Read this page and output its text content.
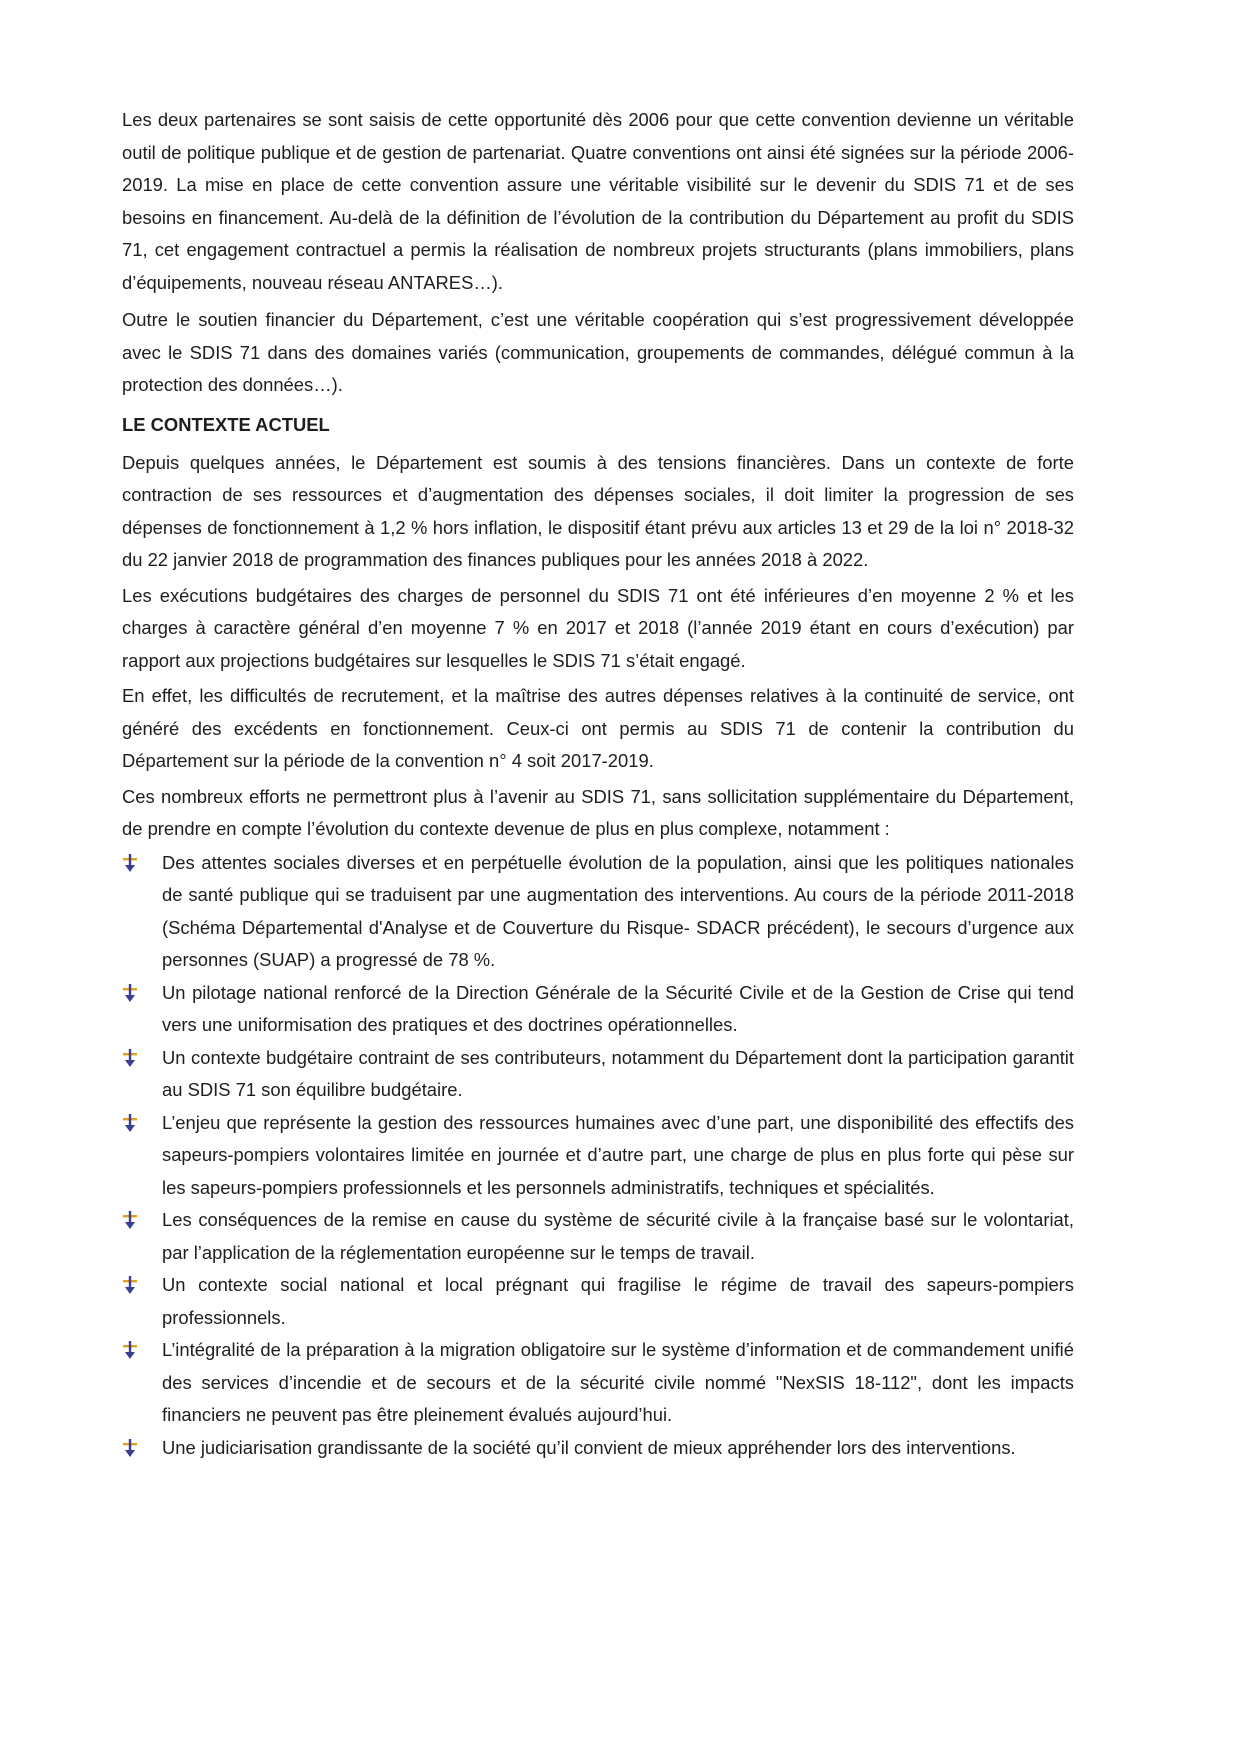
Les deux partenaires se sont saisis de cette opportunité dès 2006 pour que cette convention devienne un véritable outil de politique publique et de gestion de partenariat. Quatre conventions ont ainsi été signées sur la période 2006-2019. La mise en place de cette convention assure une véritable visibilité sur le devenir du SDIS 71 et de ses besoins en financement. Au-delà de la définition de l’évolution de la contribution du Département au profit du SDIS 71, cet engagement contractuel a permis la réalisation de nombreux projets structurants (plans immobiliers, plans d’équipements, nouveau réseau ANTARES…).

Outre le soutien financier du Département, c’est une véritable coopération qui s’est progressivement développée avec le SDIS 71 dans des domaines variés (communication, groupements de commandes, délégué commun à la protection des données…).

LE CONTEXTE ACTUEL

Depuis quelques années, le Département est soumis à des tensions financières. Dans un contexte de forte contraction de ses ressources et d’augmentation des dépenses sociales, il doit limiter la progression de ses dépenses de fonctionnement à 1,2 % hors inflation, le dispositif étant prévu aux articles 13 et 29 de la loi n° 2018-32 du 22 janvier 2018 de programmation des finances publiques pour les années 2018 à 2022.

Les exécutions budgétaires des charges de personnel du SDIS 71 ont été inférieures d’en moyenne 2 % et les charges à caractère général d’en moyenne 7 % en 2017 et 2018 (l’année 2019 étant en cours d’exécution) par rapport aux projections budgétaires sur lesquelles le SDIS 71 s’était engagé.

En effet, les difficultés de recrutement, et la maîtrise des autres dépenses relatives à la continuité de service, ont généré des excédents en fonctionnement. Ceux-ci ont permis au SDIS 71 de contenir la contribution du Département sur la période de la convention n° 4 soit 2017-2019.

Ces nombreux efforts ne permettront plus à l’avenir au SDIS 71, sans sollicitation supplémentaire du Département, de prendre en compte l’évolution du contexte devenue de plus en plus complexe, notamment :

Des attentes sociales diverses et en perpétuelle évolution de la population, ainsi que les politiques nationales de santé publique qui se traduisent par une augmentation des interventions. Au cours de la période 2011-2018 (Schéma Départemental d'Analyse et de Couverture du Risque- SDACR précédent), le secours d’urgence aux personnes (SUAP) a progressé de 78 %.
Un pilotage national renforcé de la Direction Générale de la Sécurité Civile et de la Gestion de Crise qui tend vers une uniformisation des pratiques et des doctrines opérationnelles.
Un contexte budgétaire contraint de ses contributeurs, notamment du Département dont la participation garantit au SDIS 71 son équilibre budgétaire.
L’enjeu que représente la gestion des ressources humaines avec d’une part, une disponibilité des effectifs des sapeurs-pompiers volontaires limitée en journée et d’autre part, une charge de plus en plus forte qui pèse sur les sapeurs-pompiers professionnels et les personnels administratifs, techniques et spécialités.
Les conséquences de la remise en cause du système de sécurité civile à la française basé sur le volontariat, par l’application de la réglementation européenne sur le temps de travail.
Un contexte social national et local prégnant qui fragilise le régime de travail des sapeurs-pompiers professionnels.
L’intégralité de la préparation à la migration obligatoire sur le système d’information et de commandement unifié des services d’incendie et de secours et de la sécurité civile nommé "NexSIS 18-112", dont les impacts financiers ne peuvent pas être pleinement évalués aujourd’hui.
Une judiciarisation grandissante de la société qu’il convient de mieux appréhender lors des interventions.
